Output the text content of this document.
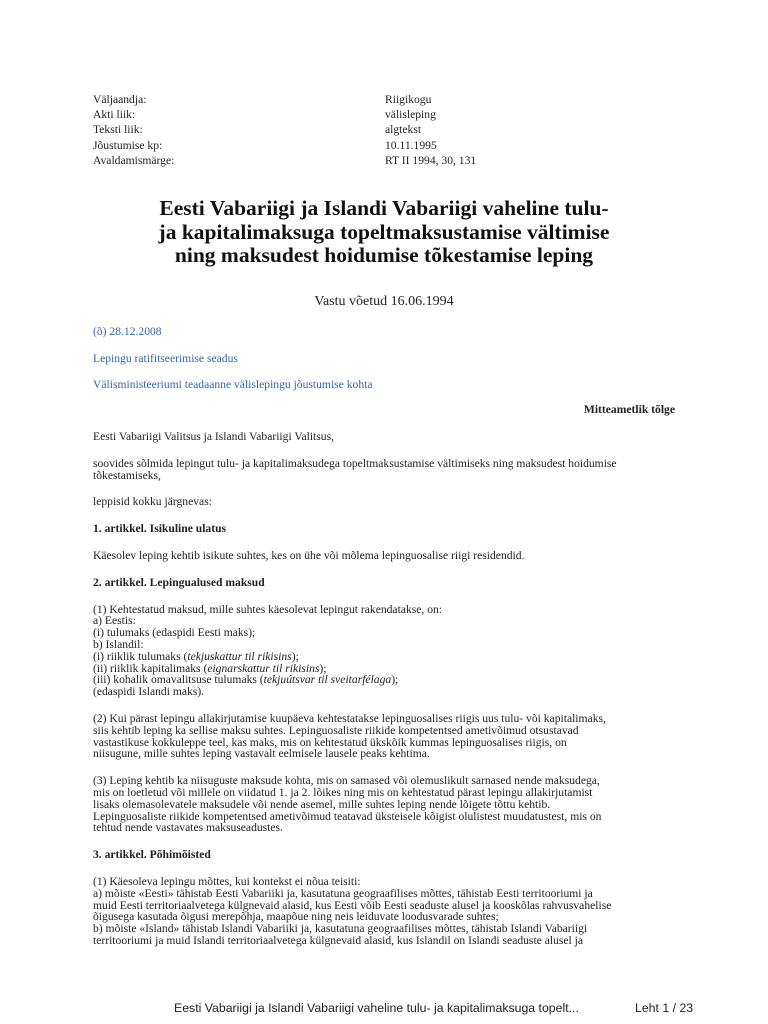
Väljaandja:	Riigikogu
Akti liik:	välisleping
Teksti liik:	algtekst
Jõustumise kp:	10.11.1995
Avaldamismärge:	RT II 1994, 30, 131
Eesti Vabariigi ja Islandi Vabariigi vaheline tulu-
ja kapitalimaksuga topeltmaksustamise vältimise
ning maksudest hoidumise tõkestamise leping
Vastu võetud 16.06.1994
(õ) 28.12.2008
Lepingu ratifitseerimise seadus
Välisministeeriumi teadaanne välislepingu jõustumise kohta
Mitteametlik tõlge

Eesti Vabariigi Valitsus ja Islandi Vabariigi Valitsus,

soovides sõlmida lepingut tulu- ja kapitalimaksudega topeltmaksustamise vältimiseks ning maksudest hoidumise tõkestamiseks,

leppisid kokku järgnevas:

1. artikkel. Isikuline ulatus

Käesolev leping kehtib isikute suhtes, kes on ühe või mõlema lepinguosalise riigi residendid.

2. artikkel. Lepingualused maksud

(1) Kehtestatud maksud, mille suhtes käesolevat lepingut rakendatakse, on:
a) Eestis:
(i) tulumaks (edaspidi Eesti maks);
b) Islandil:
(i) riiklik tulumaks (tekjuskattur til rikisins);
(ii) riiklik kapitalimaks (eignarskattur til rikisins);
(iii) kohalik omavalitsuse tulumaks (tekjuútsvar til sveitarfélaga);
(edaspidi Islandi maks).

(2) Kui pärast lepingu allakirjutamise kuupäeva kehtestatakse lepinguosalises riigis uus tulu- või kapitalimaks,
siis kehtib leping ka sellise maksu suhtes. Lepinguosaliste riikide kompetentsed ametivõimud otsustavad
vastastikuse kokkuleppe teel, kas maks, mis on kehtestatud ükskõik kummas lepinguosalises riigis, on
niisugune, mille suhtes leping vastavalt eelmisele lausele peaks kehtima.

(3) Leping kehtib ka niisuguste maksude kohta, mis on samased või olemuslikult sarnased nende maksudega,
mis on loetletud või millele on viidatud 1. ja 2. lõikes ning mis on kehtestatud pärast lepingu allakirjutamist
lisaks olemasolevatele maksudele või nende asemel, mille suhtes leping nende lõigete tõttu kehtib.
Lepinguosaliste riikide kompetentsed ametivõimud teatavad üksteisele kõigist olulistest muudatustest, mis on
tehtud nende vastavates maksuseadustes.

3. artikkel. Põhimõisted

(1) Käesoleva lepingu mõttes, kui kontekst ei nõua teisiti:
a) mõiste «Eesti» tähistab Eesti Vabariiki ja, kasutatuna geograafilises mõttes, tähistab Eesti territooriumi ja
muid Eesti territoriaalvetega külgnevaid alasid, kus Eesti võib Eesti seaduste alusel ja kooskõlas rahvusvahelise
õigusega kasutada õigusi merepõhja, maapõue ning neis leiduvate loodusvarade suhtes;
b) mõiste «Island» tähistab Islandi Vabariiki ja, kasutatuna geograafilises mõttes, tähistab Islandi Vabariigi
territooriumi ja muid Islandi territoriaalvetega külgnevaid alasid, kus Islandil on Islandi seaduste alusel ja

Eesti Vabariigi ja Islandi Vabariigi vaheline tulu- ja kapitalimaksuga topelt...	Leht 1 / 23
